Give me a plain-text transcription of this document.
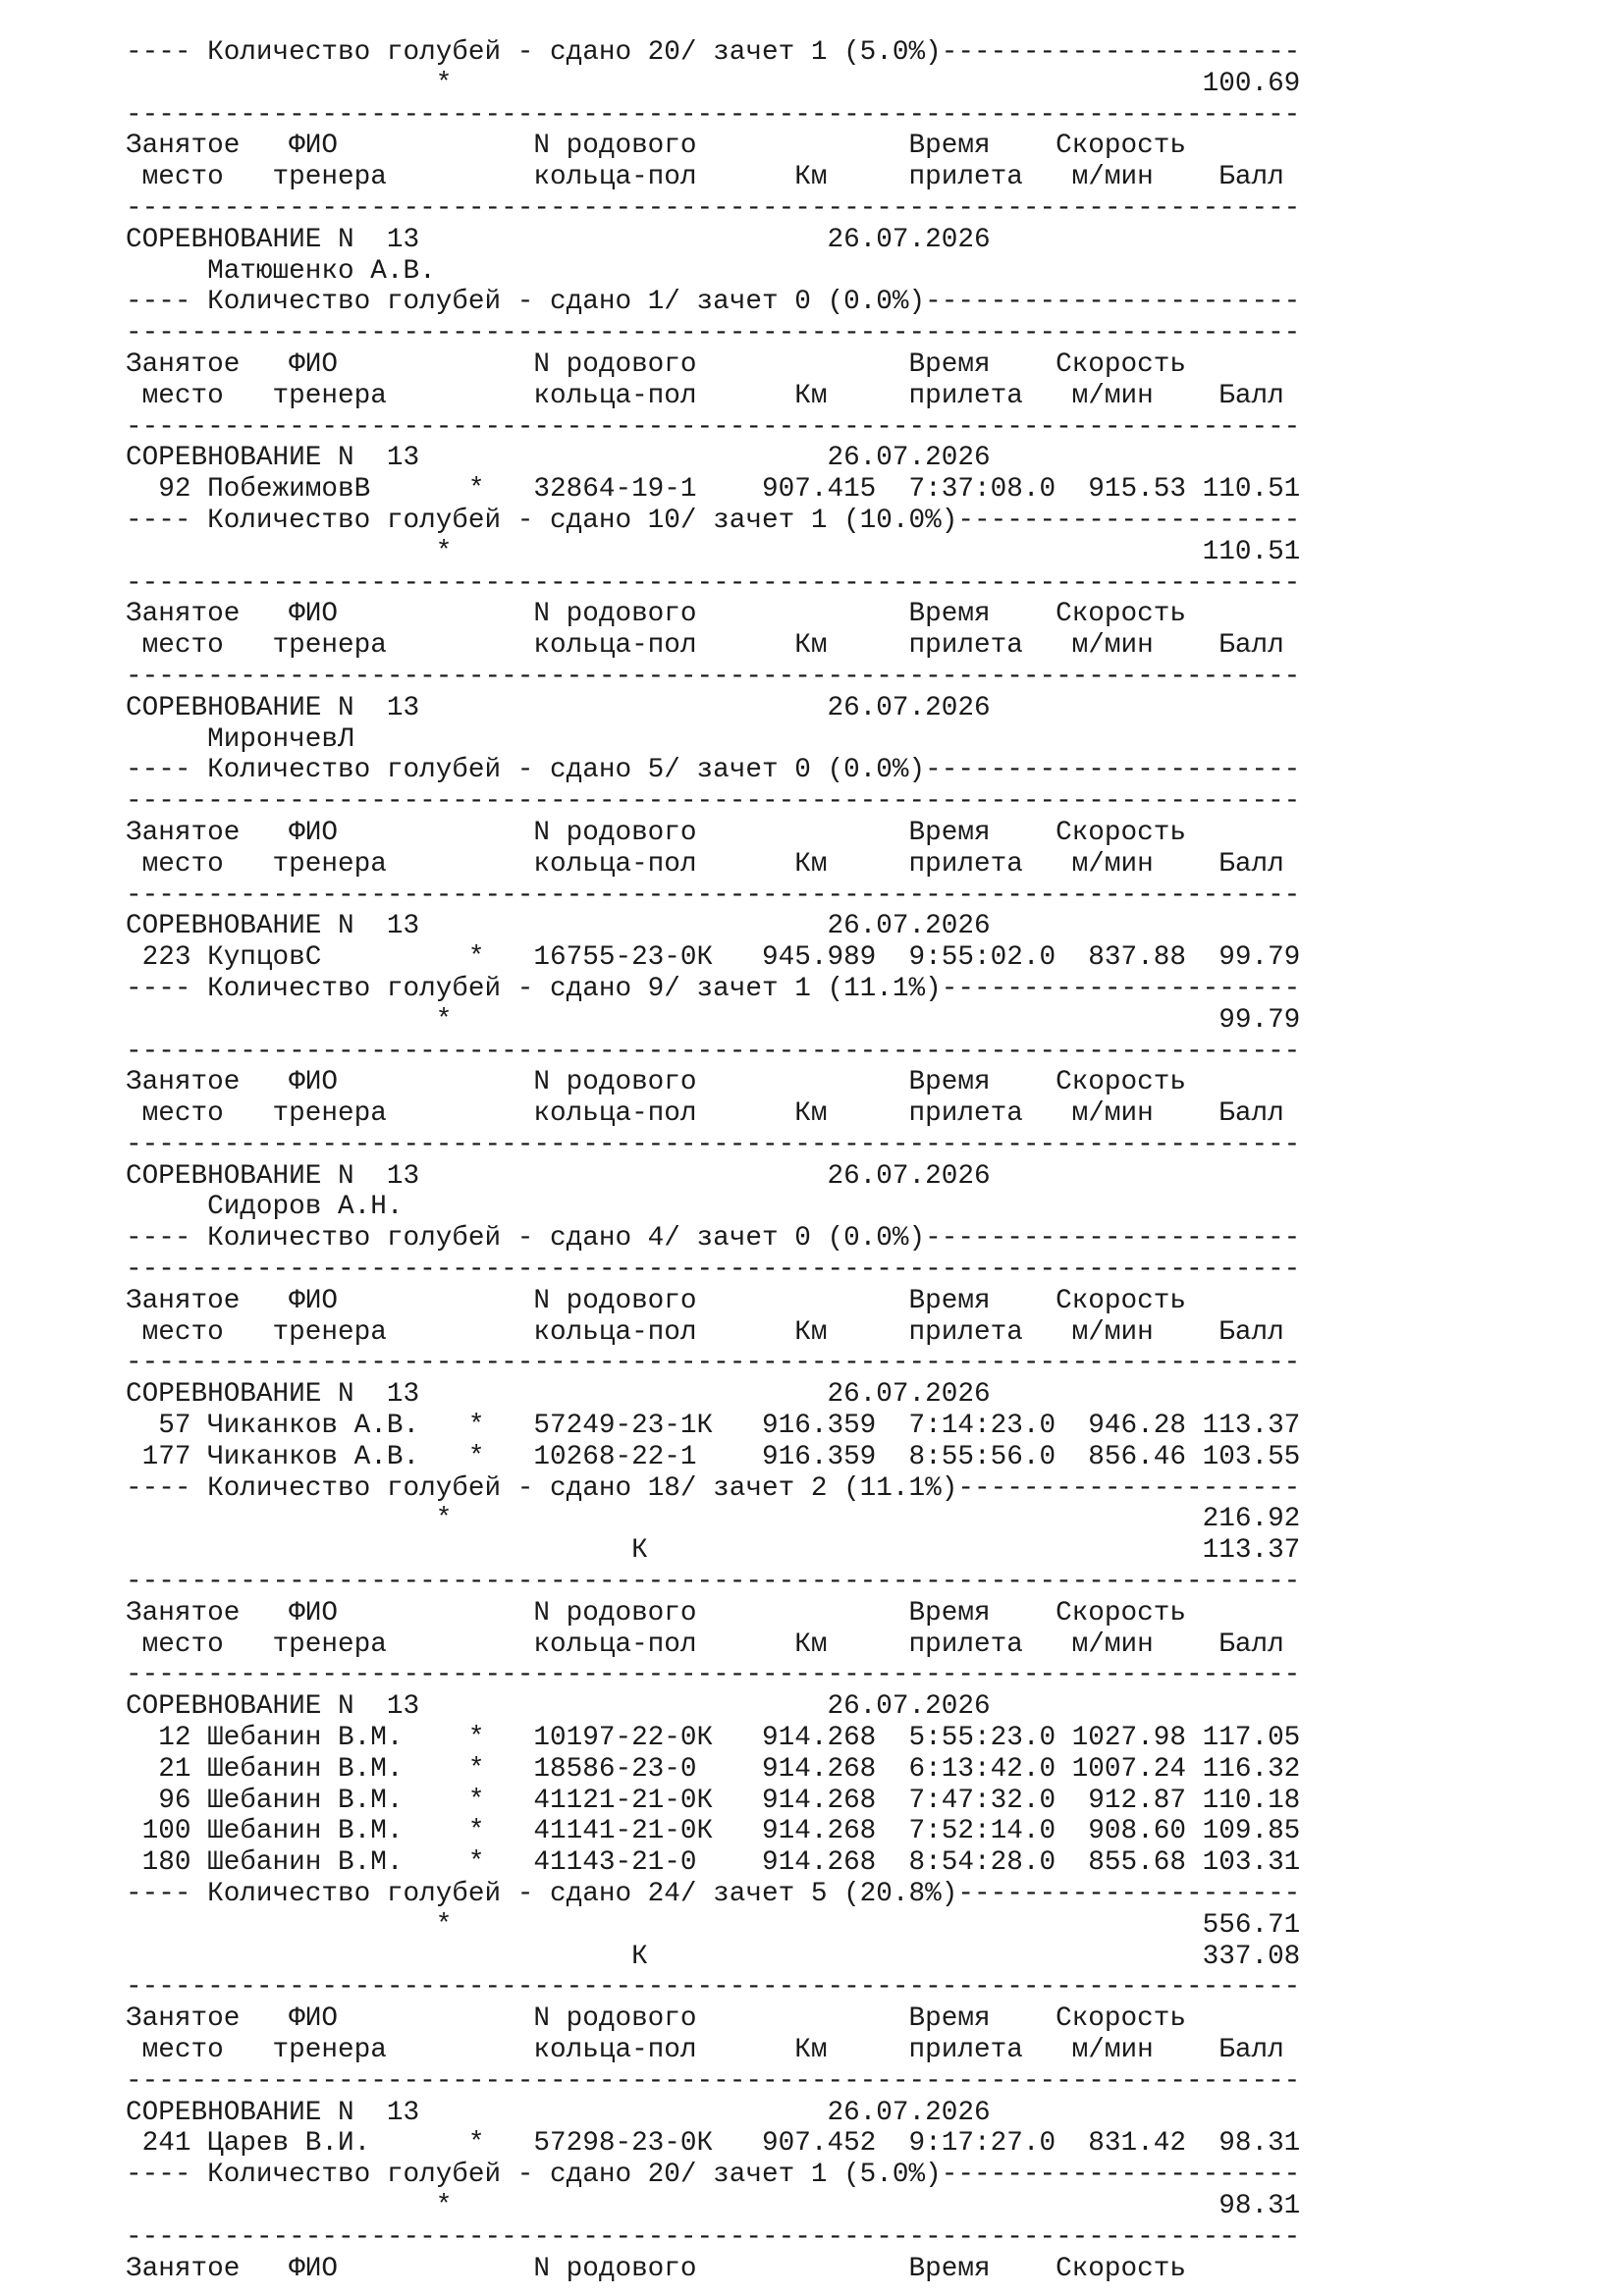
---- Количество голубей - сдано 20/ зачет 1 (5.0%)----------------------
*                                              100.69
------------------------------------------------------------------------
Занятое   ФИО            N родового             Время    Скорость
место   тренера         кольца-пол      Км     прилета   м/мин    Балл
------------------------------------------------------------------------
СОРЕВНОВАНИЕ N  13                         26.07.2026
Матюшенко А.В.
---- Количество голубей - сдано 1/ зачет 0 (0.0%)-----------------------
------------------------------------------------------------------------
Занятое   ФИО            N родового             Время    Скорость
место   тренера         кольца-пол      Км     прилета   м/мин    Балл
------------------------------------------------------------------------
СОРЕВНОВАНИЕ N  13                         26.07.2026
92 ПобежимовВ      *   32864-19-1    907.415  7:37:08.0  915.53 110.51
---- Количество голубей - сдано 10/ зачет 1 (10.0%)---------------------
*                                              110.51
------------------------------------------------------------------------
Занятое   ФИО            N родового             Время    Скорость
место   тренера         кольца-пол      Км     прилета   м/мин    Балл
------------------------------------------------------------------------
СОРЕВНОВАНИЕ N  13                         26.07.2026
МирончевЛ
---- Количество голубей - сдано 5/ зачет 0 (0.0%)-----------------------
------------------------------------------------------------------------
Занятое   ФИО            N родового             Время    Скорость
место   тренера         кольца-пол      Км     прилета   м/мин    Балл
------------------------------------------------------------------------
СОРЕВНОВАНИЕ N  13                         26.07.2026
223 КупцовС         *   16755-23-0К   945.989  9:55:02.0  837.88  99.79
---- Количество голубей - сдано 9/ зачет 1 (11.1%)----------------------
*                                               99.79
------------------------------------------------------------------------
Занятое   ФИО            N родового             Время    Скорость
место   тренера         кольца-пол      Км     прилета   м/мин    Балл
------------------------------------------------------------------------
СОРЕВНОВАНИЕ N  13                         26.07.2026
Сидоров А.Н.
---- Количество голубей - сдано 4/ зачет 0 (0.0%)-----------------------
------------------------------------------------------------------------
Занятое   ФИО            N родового             Время    Скорость
место   тренера         кольца-пол      Км     прилета   м/мин    Балл
------------------------------------------------------------------------
СОРЕВНОВАНИЕ N  13                         26.07.2026
57 Чиканков А.В.   *   57249-23-1К   916.359  7:14:23.0  946.28 113.37
177 Чиканков А.В.   *   10268-22-1    916.359  8:55:56.0  856.46 103.55
---- Количество голубей - сдано 18/ зачет 2 (11.1%)---------------------
*                                              216.92
К                                  113.37
------------------------------------------------------------------------
Занятое   ФИО            N родового             Время    Скорость
место   тренера         кольца-пол      Км     прилета   м/мин    Балл
------------------------------------------------------------------------
СОРЕВНОВАНИЕ N  13                         26.07.2026
12 Шебанин В.М.    *   10197-22-0К   914.268  5:55:23.0 1027.98 117.05
21 Шебанин В.М.    *   18586-23-0    914.268  6:13:42.0 1007.24 116.32
96 Шебанин В.М.    *   41121-21-0К   914.268  7:47:32.0  912.87 110.18
100 Шебанин В.М.    *   41141-21-0К   914.268  7:52:14.0  908.60 109.85
180 Шебанин В.М.    *   41143-21-0    914.268  8:54:28.0  855.68 103.31
---- Количество голубей - сдано 24/ зачет 5 (20.8%)---------------------
*                                              556.71
К                                  337.08
------------------------------------------------------------------------
Занятое   ФИО            N родового             Время    Скорость
место   тренера         кольца-пол      Км     прилета   м/мин    Балл
------------------------------------------------------------------------
СОРЕВНОВАНИЕ N  13                         26.07.2026
241 Царев В.И.      *   57298-23-0К   907.452  9:17:27.0  831.42  98.31
---- Количество голубей - сдано 20/ зачет 1 (5.0%)----------------------
*                                               98.31
------------------------------------------------------------------------
Занятое   ФИО            N родового             Время    Скорость
